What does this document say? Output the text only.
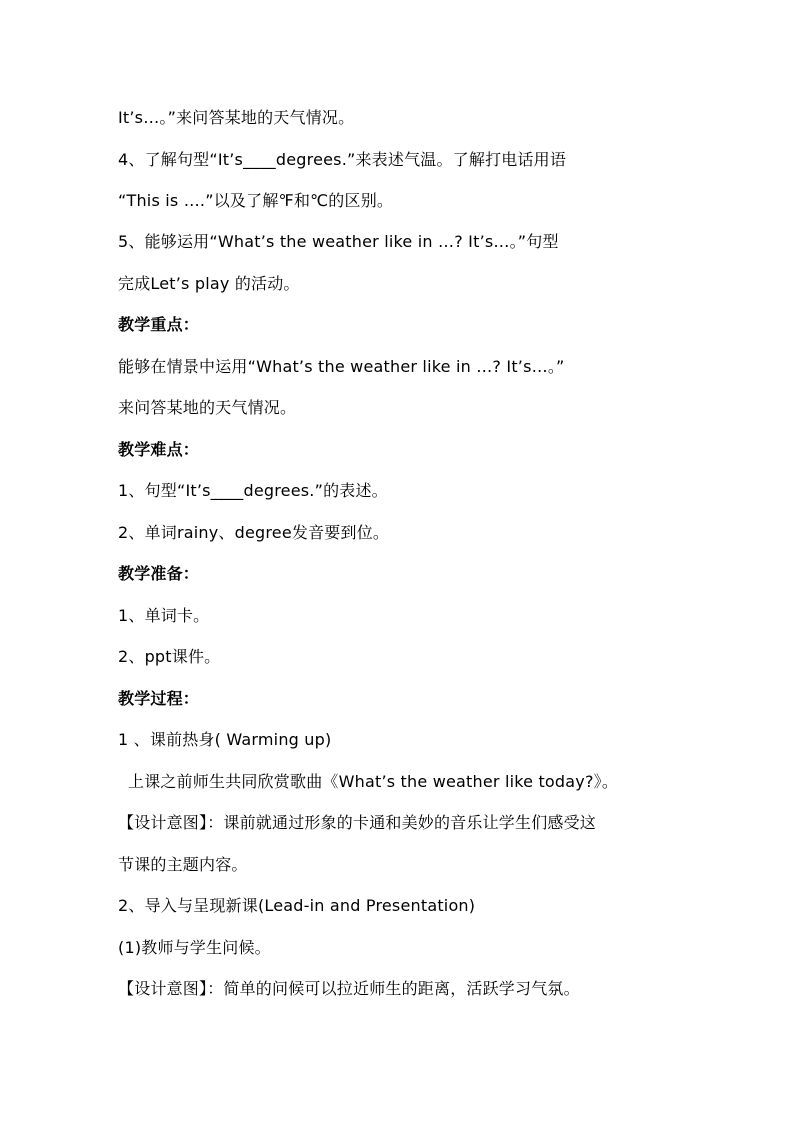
It’s…。”来问答某地的天气情况。
4、了解句型“It’s____degrees.”来表述气温。了解打电话用语
“This is ….”以及了解℉和℃的区别。
5、能够运用“What’s the weather like in …? It’s…。”句型
完成Let’s play 的活动。
教学重点：
能够在情景中运用“What’s the weather like in …? It’s…。”
来问答某地的天气情况。
教学难点：
1、句型“It’s____degrees.”的表述。
2、单词rainy、degree发音要到位。
教学准备：
1、单词卡。
2、ppt课件。
教学过程：
1 、课前热身( Warming up)
上课之前师生共同欣赏歌曲《What’s the weather like today?》。
【设计意图】：课前就通过形象的卡通和美妙的音乐让学生们感受这
节课的主题内容。
2、导入与呈现新课(Lead-in and Presentation)
(1)教师与学生问候。
【设计意图】：简单的问候可以拉近师生的距离，活跃学习气氛。
